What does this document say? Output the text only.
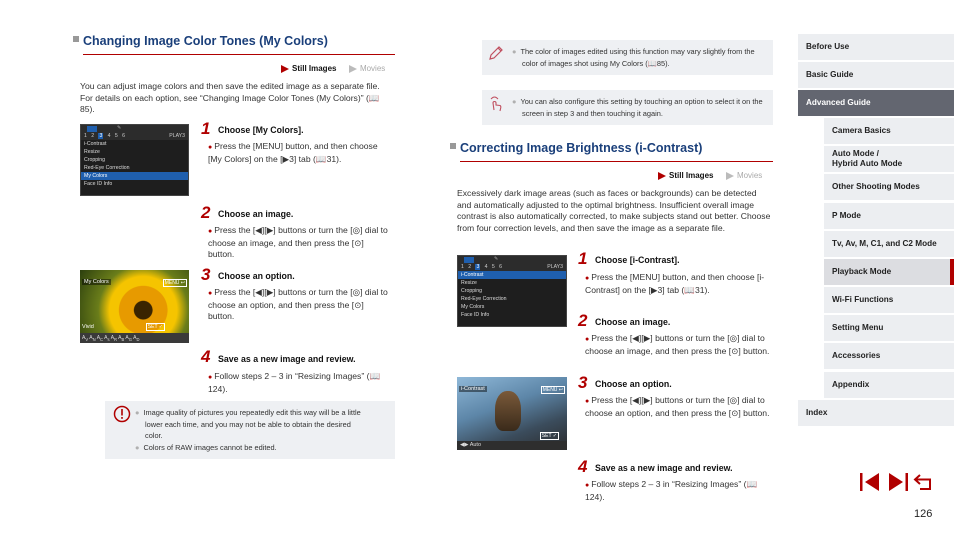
Changing Image Color Tones (My Colors)
Still Images	Movies
You can adjust image colors and then save the edited image as a separate file. For details on each option, see “Changing Image Color Tones (My Colors)” (📖85).
✎
1 2 3 4 5 6	PLAY3
i-Contrast
Resize
Cropping
Red-Eye Correction
My Colors
Face ID Info
My Colors	MENU ↩
Vivid	SET ✓
$A_V$ $A_N$ $A_C$ $A_s$ $A_R$ $A_B$ $A_G$ $A_D$
1 Choose [My Colors].
● Press the [MENU] button, and then choose [My Colors] on the [▶3] tab (📖31).
2 Choose an image.
● Press the [◀][▶] buttons or turn the [◎] dial to choose an image, and then press the [⊙] button.
3 Choose an option.
● Press the [◀][▶] buttons or turn the [◎] dial to choose an option, and then press the [⊙] button.
4 Save as a new image and review.
● Follow steps 2 – 3 in “Resizing Images” (📖124).
● Image quality of pictures you repeatedly edit this way will be a little lower each time, and you may not be able to obtain the desired color.
● Colors of RAW images cannot be edited.
● The color of images edited using this function may vary slightly from the color of images shot using My Colors (📖85).
● You can also configure this setting by touching an option to select it on the screen in step 3 and then touching it again.
Correcting Image Brightness (i-Contrast)
Still Images	Movies
Excessively dark image areas (such as faces or backgrounds) can be detected and automatically adjusted to the optimal brightness. Insufficient overall image contrast is also automatically corrected, to make subjects stand out better. Choose from four correction levels, and then save the image as a separate file.
✎
1 2 3 4 5 6	PLAY3
i-Contrast
Resize
Cropping
Red-Eye Correction
My Colors
Face ID Info
i-Contrast	MENU ↩
SET ✓
◀▶ Auto
1 Choose [i-Contrast].
● Press the [MENU] button, and then choose [i-Contrast] on the [▶3] tab (📖31).
2 Choose an image.
● Press the [◀][▶] buttons or turn the [◎] dial to choose an image, and then press the [⊙] button.
3 Choose an option.
● Press the [◀][▶] buttons or turn the [◎] dial to choose an option, and then press the [⊙] button.
4 Save as a new image and review.
● Follow steps 2 – 3 in “Resizing Images” (📖124).
Before Use
Basic Guide
Advanced Guide
Camera Basics
Auto Mode /
Hybrid Auto Mode
Other Shooting Modes
P Mode
Tv, Av, M, C1, and C2 Mode
Playback Mode
Wi-Fi Functions
Setting Menu
Accessories
Appendix
Index
126
